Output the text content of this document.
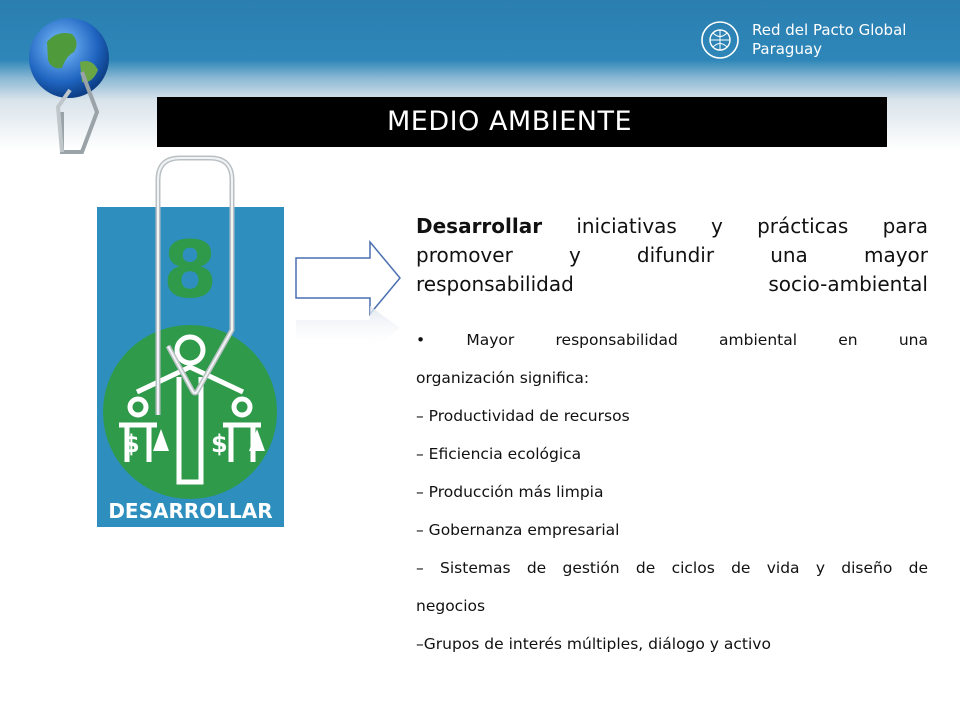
Red del Pacto Global
Paraguay
MEDIO AMBIENTE
8
$	$
DESARROLLAR

Desarrollar iniciativas y prácticas para
promover y difundir una mayor
responsabilidad socio-ambiental

• Mayor responsabilidad ambiental en una

organización significa:

– Productividad de recursos

– Eficiencia ecológica

– Producción más limpia

– Gobernanza empresarial

– Sistemas de gestión de ciclos de vida y diseño de

negocios

–Grupos de interés múltiples, diálogo y activo
